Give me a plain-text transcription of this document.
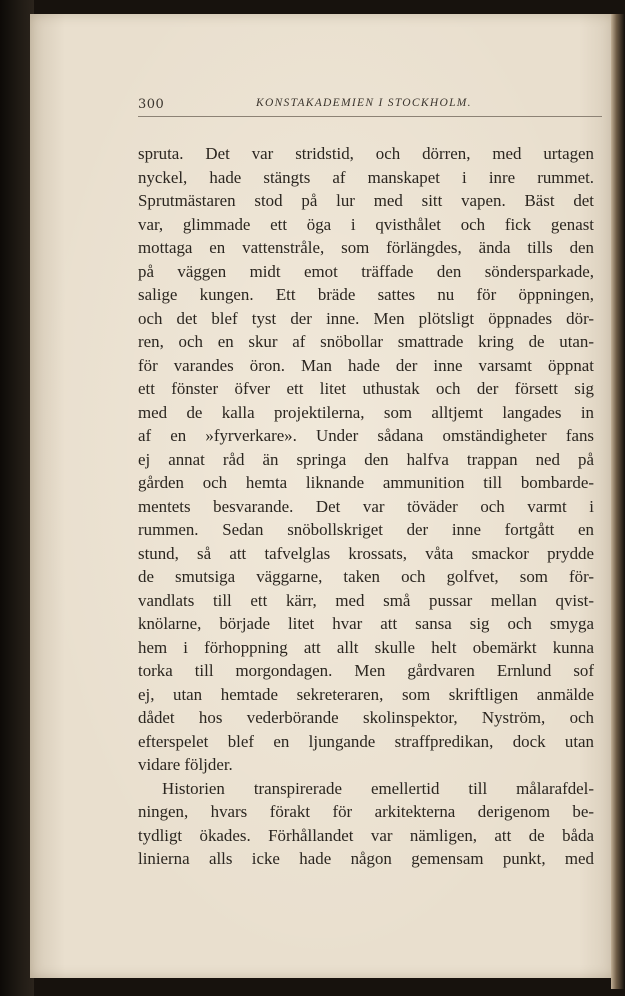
300	KONSTAKADEMIEN I STOCKHOLM.
spruta. Det var stridstid, och dörren, med urtagen
nyckel, hade stängts af manskapet i inre rummet.
Sprutmästaren stod på lur med sitt vapen. Bäst det
var, glimmade ett öga i qvisthålet och fick genast
mottaga en vattenstråle, som förlängdes, ända tills den
på väggen midt emot träffade den söndersparkade,
salige kungen. Ett bräde sattes nu för öppningen,
och det blef tyst der inne. Men plötsligt öppnades dör-
ren, och en skur af snöbollar smattrade kring de utan-
för varandes öron. Man hade der inne varsamt öppnat
ett fönster öfver ett litet uthustak och der försett sig
med de kalla projektilerna, som alltjemt langades in
af en »fyrverkare». Under sådana omständigheter fans
ej annat råd än springa den halfva trappan ned på
gården och hemta liknande ammunition till bombarde-
mentets besvarande. Det var töväder och varmt i
rummen. Sedan snöbollskriget der inne fortgått en
stund, så att tafvelglas krossats, våta smackor prydde
de smutsiga väggarne, taken och golfvet, som för-
vandlats till ett kärr, med små pussar mellan qvist-
knölarne, började litet hvar att sansa sig och smyga
hem i förhoppning att allt skulle helt obemärkt kunna
torka till morgondagen. Men gårdvaren Ernlund sof
ej, utan hemtade sekreteraren, som skriftligen anmälde
dådet hos vederbörande skolinspektor, Nyström, och
efterspelet blef en ljungande straffpredikan, dock utan
vidare följder.
Historien transpirerade emellertid till målarafdel-
ningen, hvars förakt för arkitekterna derigenom be-
tydligt ökades. Förhållandet var nämligen, att de båda
linierna alls icke hade någon gemensam punkt, med
